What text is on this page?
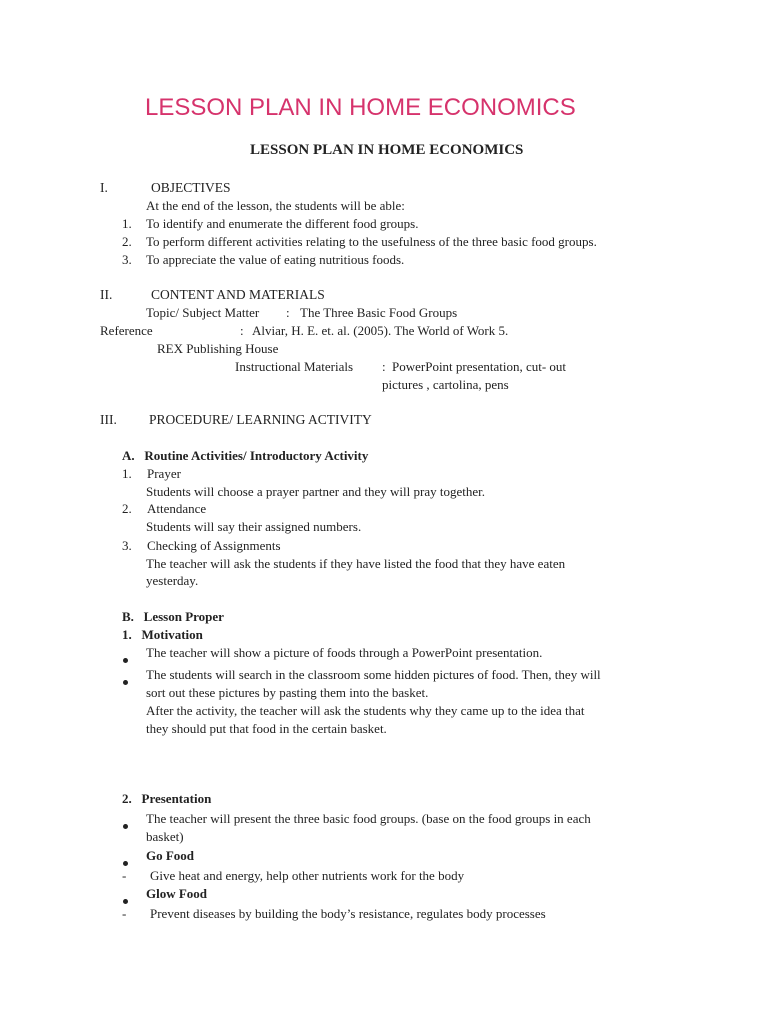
LESSON PLAN IN HOME ECONOMICS
LESSON PLAN IN HOME ECONOMICS
I.	OBJECTIVES
At the end of the lesson, the students will be able:
1. To identify and enumerate the different food groups.
2. To perform different activities relating to the usefulness of the three basic food groups.
3. To appreciate the value of eating nutritious foods.
II.	CONTENT AND MATERIALS
Topic/ Subject Matter : The Three Basic Food Groups
Reference	: Alviar, H. E. et. al. (2005). The World of Work 5.
REX Publishing House
Instructional Materials : PowerPoint presentation, cut- out
pictures , cartolina, pens
III. PROCEDURE/ LEARNING ACTIVITY
A.   Routine Activities/ Introductory Activity
1. Prayer
Students will choose a prayer partner and they will pray together.
2. Attendance
Students will say their assigned numbers.
3. Checking of Assignments
The teacher will ask the students if they have listed the food that they have eaten
yesterday.
B.   Lesson Proper
1.   Motivation
The teacher will show a picture of foods through a PowerPoint presentation.
The students will search in the classroom some hidden pictures of food. Then, they will
sort out these pictures by pasting them into the basket.
After the activity, the teacher will ask the students why they came up to the idea that
they should put that food in the certain basket.
2.   Presentation
The teacher will present the three basic food groups. (base on the food groups in each
basket)
Go Food
- Give heat and energy, help other nutrients work for the body
Glow Food
- Prevent diseases by building the body’s resistance, regulates body processes
